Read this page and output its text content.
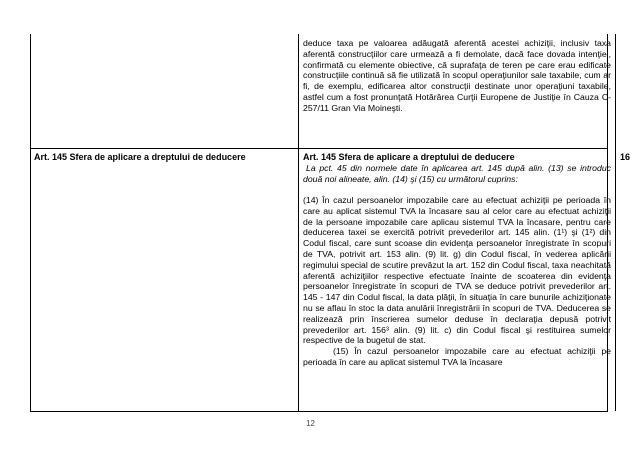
Art. 145 Sfera de aplicare a dreptului de deducere
deduce taxa pe valoarea adăugată aferentă acestei achiziţii, inclusiv taxa aferentă construcţiilor care urmează a fi demolate, dacă face dovada intenţiei, confirmată cu elemente obiective, că suprafaţa de teren pe care erau edificate construcţiile continuă să fie utilizată în scopul operaţiunilor sale taxabile, cum ar fi, de exemplu, edificarea altor construcţii destinate unor operaţiuni taxabile, astfel cum a fost pronunţată Hotărârea Curţii Europene de Justiţie în Cauza C-257/11 Gran Via Moineşti.
Art. 145 Sfera de aplicare a dreptului de deducere

La pct. 45 din normele date în aplicarea art. 145 după alin. (13) se introduc două noi alineate, alin. (14) şi (15) cu următorul cuprins:

(14) În cazul persoanelor impozabile care au efectuat achiziţii pe perioada în care au aplicat sistemul TVA la încasare sau al celor care au efectuat achiziţii de la persoane impozabile care aplicau sistemul TVA la încasare, pentru care deducerea taxei se exercită potrivit prevederilor art. 145 alin. (1¹) şi (1²) din Codul fiscal, care sunt scoase din evidenţa persoanelor înregistrate în scopuri de TVA, potrivit art. 153 alin. (9) lit. g) din Codul fiscal, în vederea aplicării regimului special de scutire prevăzut la art. 152 din Codul fiscal, taxa neachitată aferentă achiziţiilor respective efectuate înainte de scoaterea din evidenţa persoanelor înregistrate în scopuri de TVA se deduce potrivit prevederilor art. 145 - 147 din Codul fiscal, la data plăţii, în situaţia în care bunurile achiziţionate nu se aflau în stoc la data anulării înregistrării în scopuri de TVA. Deducerea se realizează prin înscrierea sumelor deduse în declaraţia depusă potrivit prevederilor art. 156³ alin. (9) lit. c) din Codul fiscal şi restituirea sumelor respective de la bugetul de stat.

(15) În cazul persoanelor impozabile care au efectuat achiziţii pe perioada în care au aplicat sistemul TVA la încasare

16
12
